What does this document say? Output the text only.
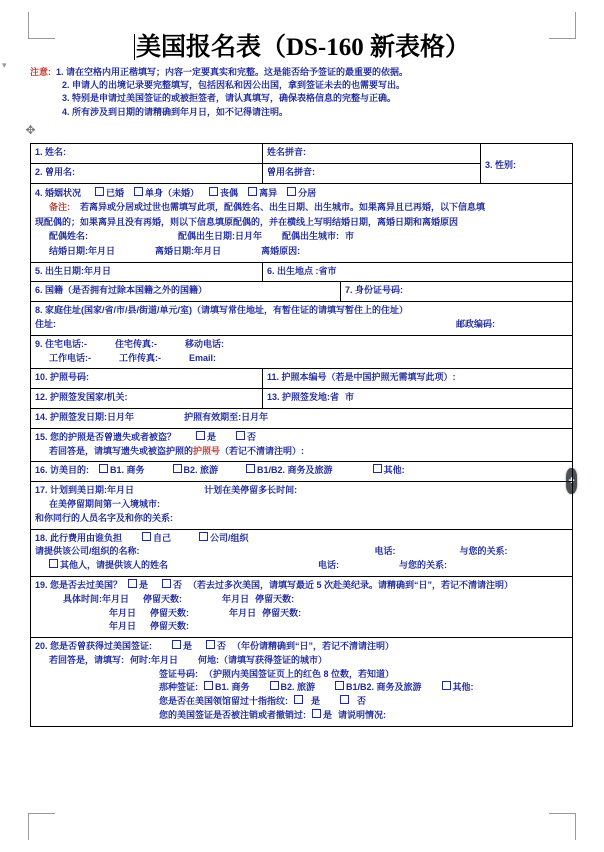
▾
美国报名表（DS-160 新表格）
注意: 1. 请在空格内用正楷填写；内容一定要真实和完整。这是能否给予签证的最重要的依据。
2. 申请人的出境记录要完整填写，包括因私和因公出国，拿到签证未去的也需要写出。
3. 特别是申请过美国签证的或被拒签者，请认真填写，确保表格信息的完整与正确。
4. 所有涉及到日期的请精确到年月日，如不记得请注明。
✥
+
1. 姓名:	姓名拼音:		3. 性别:

2. 曾用名:	曾用名拼音:		

4. 婚姻状况 已婚 单身（未婚） 丧偶 离异 分居
备注: 若离异或分居或过世也需填写此项，配偶姓名、出生日期、出生城市。如果离异且已再婚，以下信息填
现配偶的；如果离异且没有再婚，则以下信息填原配偶的，并在横线上写明结婚日期，离婚日期和离婚原因
配偶姓名: 配偶出生日期:日月年 配偶出生城市: 市
结婚日期:年月日 离婚日期:年月日 离婚原因:			

5. 出生日期:年月日	6. 出生地点 :省市		

6. 国籍（是否拥有过除本国籍之外的国籍）		7. 身份证号码:	

8. 家庭住址(国家/省/市/县/街道/单元/室)（请填写常住地址，有暂住证的请填写暂住上的住址）
住址: 邮政编码:			

9. 住宅电话:- 住宅传真:- 移动电话:
工作电话:- 工作传真:- Email:			

10. 护照号码:	11. 护照本编号（若是中国护照无需填写此项）:		

12. 护照签发国家/机关:	13. 护照签发地:省 市		

14. 护照签发日期:日月年 护照有效期至:日月年			

15. 您的护照是否曾遗失或者被盗？ 是 否
若回答是，请填写遗失或被盗护照的护照号（若记不清请注明）:			

16. 访美目的: B1. 商务 B2. 旅游 B1/B2. 商务及旅游 其他:			

17. 计划到美日期:年月日 计划在美停留多长时间:
在美停留期间第一入境城市:
和你同行的人员名字及和你的关系:			

18. 此行费用由谁负担 自己 公司/组织
请提供该公司/组织的名称: 电话: 与您的关系:
其他人，请提供该人的姓名 电话: 与您的关系:			

19. 您是否去过美国？ 是 否 （若去过多次美国，请填写最近 5 次赴美纪录。请精确到“日”，若记不清请注明）
具体时间:年月日 停留天数: 年月日 停留天数:
年月日 停留天数: 年月日 停留天数:
年月日 停留天数:			

20. 您是否曾获得过美国签证:	是	否 （年份请精确到“日”，若记不清请注明）
若回答是，请填写: 何时:年月日 何地:（请填写获得签证的城市）
签证号码: （护照内美国签证页上的红色 8 位数，若知道）
那种签证: B1. 商务	B2. 旅游	B1/B2. 商务及旅游	其他:
您是否在美国领馆留过十指指纹:	是	否
您的美国签证是否被注销或者撤销过: 是 请说明情况:
